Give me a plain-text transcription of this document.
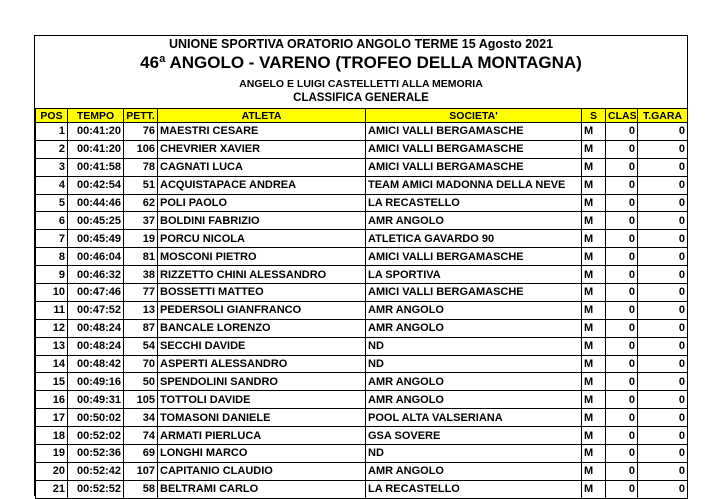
UNIONE SPORTIVA ORATORIO ANGOLO TERME 15 Agosto 2021
46ª ANGOLO - VARENO (TROFEO DELLA MONTAGNA)
ANGELO E LUIGI CASTELLETTI ALLA MEMORIA
CLASSIFICA GENERALE
POS	TEMPO	PETT.	ATLETA	SOCIETA'	S	CLAS	T.GARA
1	00:41:20	76	MAESTRI CESARE	AMICI VALLI BERGAMASCHE	M	0	0
2	00:41:20	106	CHEVRIER XAVIER	AMICI VALLI BERGAMASCHE	M	0	0
3	00:41:58	78	CAGNATI LUCA	AMICI VALLI BERGAMASCHE	M	0	0
4	00:42:54	51	ACQUISTAPACE ANDREA	TEAM AMICI MADONNA DELLA NEVE	M	0	0
5	00:44:46	62	POLI PAOLO	LA RECASTELLO	M	0	0
6	00:45:25	37	BOLDINI FABRIZIO	AMR ANGOLO	M	0	0
7	00:45:49	19	PORCU NICOLA	ATLETICA GAVARDO 90	M	0	0
8	00:46:04	81	MOSCONI PIETRO	AMICI VALLI BERGAMASCHE	M	0	0
9	00:46:32	38	RIZZETTO CHINI ALESSANDRO	LA SPORTIVA	M	0	0
10	00:47:46	77	BOSSETTI MATTEO	AMICI VALLI BERGAMASCHE	M	0	0
11	00:47:52	13	PEDERSOLI GIANFRANCO	AMR ANGOLO	M	0	0
12	00:48:24	87	BANCALE LORENZO	AMR ANGOLO	M	0	0
13	00:48:24	54	SECCHI DAVIDE	ND	M	0	0
14	00:48:42	70	ASPERTI ALESSANDRO	ND	M	0	0
15	00:49:16	50	SPENDOLINI SANDRO	AMR ANGOLO	M	0	0
16	00:49:31	105	TOTTOLI DAVIDE	AMR ANGOLO	M	0	0
17	00:50:02	34	TOMASONI DANIELE	POOL ALTA VALSERIANA	M	0	0
18	00:52:02	74	ARMATI PIERLUCA	GSA SOVERE	M	0	0
19	00:52:36	69	LONGHI MARCO	ND	M	0	0
20	00:52:42	107	CAPITANIO CLAUDIO	AMR ANGOLO	M	0	0
21	00:52:52	58	BELTRAMI CARLO	LA RECASTELLO	M	0	0
